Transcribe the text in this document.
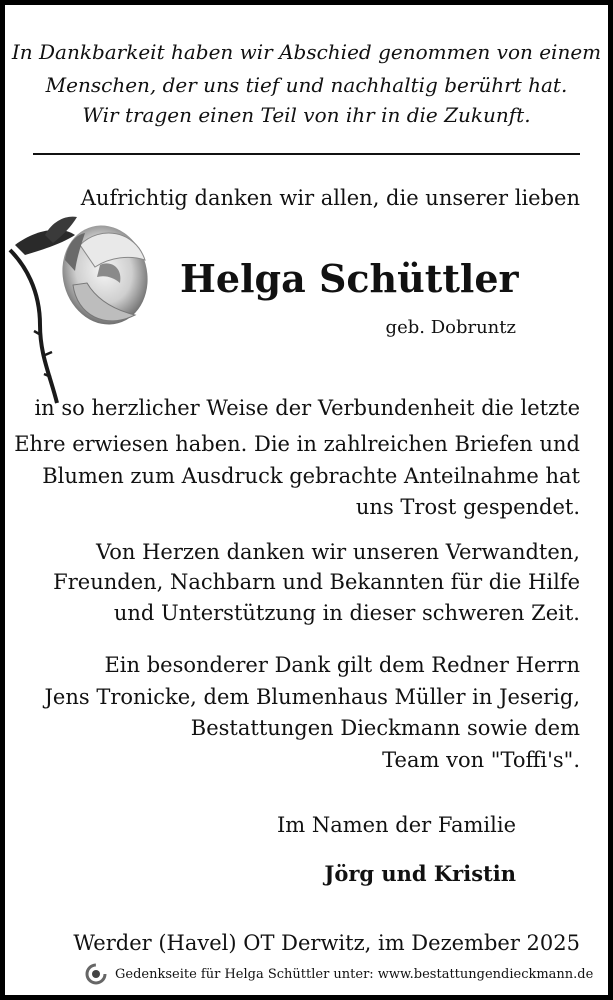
In Dankbarkeit haben wir Abschied genommen von einem
Menschen, der uns tief und nachhaltig berührt hat.
Wir tragen einen Teil von ihr in die Zukunft.
Aufrichtig danken wir allen, die unserer lieben
Helga Schüttler
geb. Dobruntz
in so herzlicher Weise der Verbundenheit die letzte
Ehre erwiesen haben. Die in zahlreichen Briefen und
Blumen zum Ausdruck gebrachte Anteilnahme hat
uns Trost gespendet.
Von Herzen danken wir unseren Verwandten,
Freunden, Nachbarn und Bekannten für die Hilfe
und Unterstützung in dieser schweren Zeit.
Ein besonderer Dank gilt dem Redner Herrn
Jens Tronicke, dem Blumenhaus Müller in Jeserig,
Bestattungen Dieckmann sowie dem
Team von "Toffi's".
Im Namen der Familie
Jörg und Kristin
Werder (Havel) OT Derwitz, im Dezember 2025
Gedenkseite für Helga Schüttler unter: www.bestattungendieckmann.de
